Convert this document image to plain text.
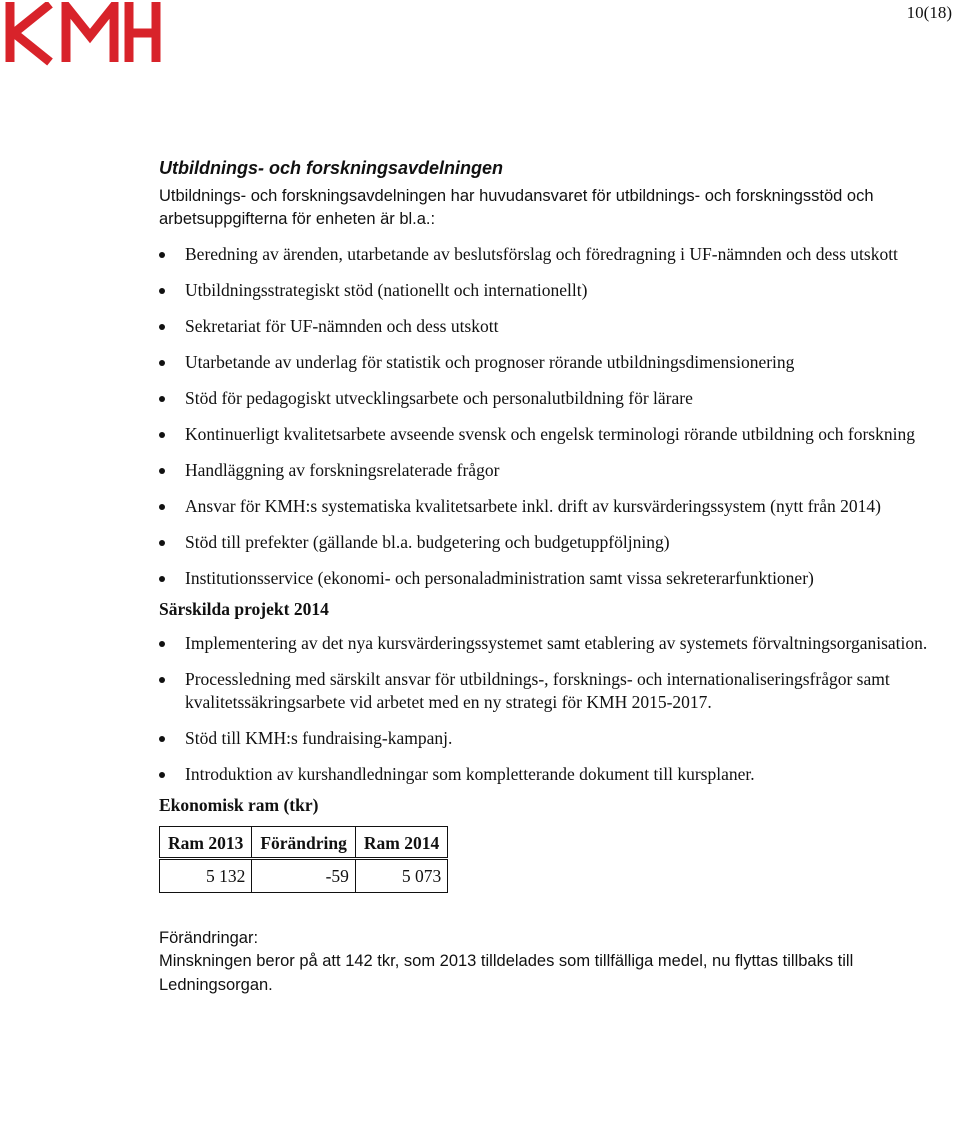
10(18)
Utbildnings- och forskningsavdelningen

Utbildnings- och forskningsavdelningen har huvudansvaret för utbildnings- och forskningsstöd och arbetsuppgifterna för enheten är bl.a.:

Beredning av ärenden, utarbetande av beslutsförslag och föredragning i UF-nämnden och dess utskott
Utbildningsstrategiskt stöd (nationellt och internationellt)
Sekretariat för UF-nämnden och dess utskott
Utarbetande av underlag för statistik och prognoser rörande utbildningsdimensionering
Stöd för pedagogiskt utvecklingsarbete och personalutbildning för lärare
Kontinuerligt kvalitetsarbete avseende svensk och engelsk terminologi rörande utbildning och forskning
Handläggning av forskningsrelaterade frågor
Ansvar för KMH:s systematiska kvalitetsarbete inkl. drift av kursvärderingssystem (nytt från 2014)
Stöd till prefekter (gällande bl.a. budgetering och budgetuppföljning)
Institutionsservice (ekonomi- och personaladministration samt vissa sekreterarfunktioner)
Särskilda projekt 2014
Implementering av det nya kursvärderingssystemet samt etablering av systemets förvaltningsorganisation.
Processledning med särskilt ansvar för utbildnings-, forsknings- och internationaliseringsfrågor samt kvalitetssäkringsarbete vid arbetet med en ny strategi för KMH 2015-2017.
Stöd till KMH:s fundraising-kampanj.
Introduktion av kurshandledningar som kompletterande dokument till kursplaner.
Ekonomisk ram (tkr)
Ram 2013	Förändring	Ram 2014
5 132	-59	5 073
Förändringar:
Minskningen beror på att 142 tkr, som 2013 tilldelades som tillfälliga medel, nu flyttas tillbaks till Ledningsorgan.
